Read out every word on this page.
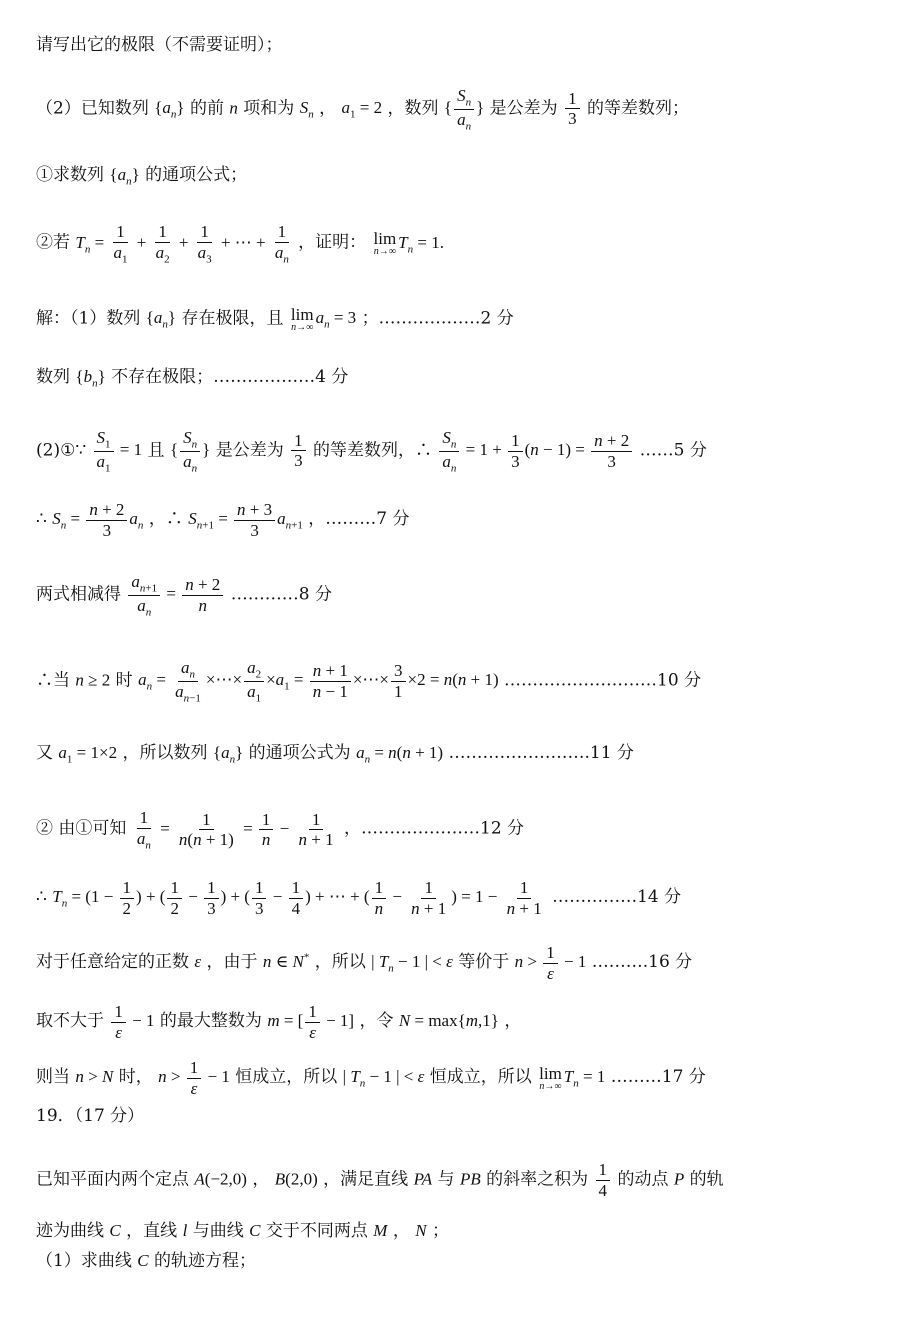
请写出它的极限（不需要证明）；
（2）已知数列 $\{a_n\}$ 的前 n 项和为 $S_n$ ， $a_1 = 2$ ，数列 { $\frac{S_n}{a_n}$ } 是公差为 $\frac{1}{3}$ 的等差数列；
①求数列 $\{a_n\}$ 的通项公式；
②若 $T_n = \frac{1}{a_1} + \frac{1}{a_2} + \frac{1}{a_3}$ + ⋯ + $\frac{1}{a_n}$ ，证明： lim
n→∞
$T_n = 1$.
解：（1）数列 $\{a_n\}$ 存在极限，且 lim
n→∞
$a_n = 3$ ；………………2 分
数列 $\{b_n\}$ 不存在极限；………………4 分
(2)①∵ $\frac{S_1}{a_1} = 1$ 且 { $\frac{S_n}{a_n}$ } 是公差为 $\frac{1}{3}$ 的等差数列，∴ $\frac{S_n}{a_n} = 1 + \frac{1}{3} (n - 1) = \frac{n + 2}{3}$ ……5 分
∴ $S_n = \frac{n + 2}{3} a_n$ ，∴ $S_{n+1} = \frac{n + 3}{3} a_{n+1}$ ，………7 分
两式相减得 $\frac{a_{n+1}}{a_n} = \frac{n + 2}{n}$ …………8 分
∴当 n ≥ 2 时 $a_n = \frac{a_n}{a_{n-1}}$ ×⋯× $\frac{a_2}{a_1} \times a_1 = \frac{n + 1}{n - 1}$ ×⋯× $\frac{3}{1} \times 2 = n(n + 1)$ ………………………10 分
又 $a_1 = 1\times 2$ ，所以数列 $\{a_n\}$ 的通项公式为 $a_n = n(n + 1)$ …………………….11 分
② 由①可知 $\frac{1}{a_n} = \frac{1}{n(n + 1)} = \frac{1}{n} - \frac{1}{n + 1}$ ，…………………12 分
∴ $T_n = (1 - \frac{1}{2}$ ) + ( $\frac{1}{2} - \frac{1}{3}$ ) + ( $\frac{1}{3} - \frac{1}{4}$ ) + ⋯ + ( $\frac{1}{n} - \frac{1}{n + 1}$ ) = $1 - \frac{1}{n + 1}$ ……………14 分
对于任意给定的正数 ε ，由于 n ∈ N* ，所以 | $T_n - 1$ | < ε 等价于 $n > \frac{1}{\varepsilon} - 1$ ……….16 分
取不大于 $\frac{1}{\varepsilon} - 1$ 的最大整数为 m = [ $\frac{1}{\varepsilon} - 1$] ，令 N = max{m,1} ，
则当 n > N 时， $n > \frac{1}{\varepsilon} - 1$ 恒成立，所以 | $T_n - 1$ | < ε 恒成立，所以 lim
n→∞
$T_n = 1$ ………17 分
19．（17 分）
已知平面内两个定点 A(−2,0) ， B(2,0) ，满足直线 PA 与 PB 的斜率之积为 $\frac{1}{4}$ 的动点 P 的轨
迹为曲线 C ，直线 l 与曲线 C 交于不同两点 M ， N ；
（1）求曲线 C 的轨迹方程；
